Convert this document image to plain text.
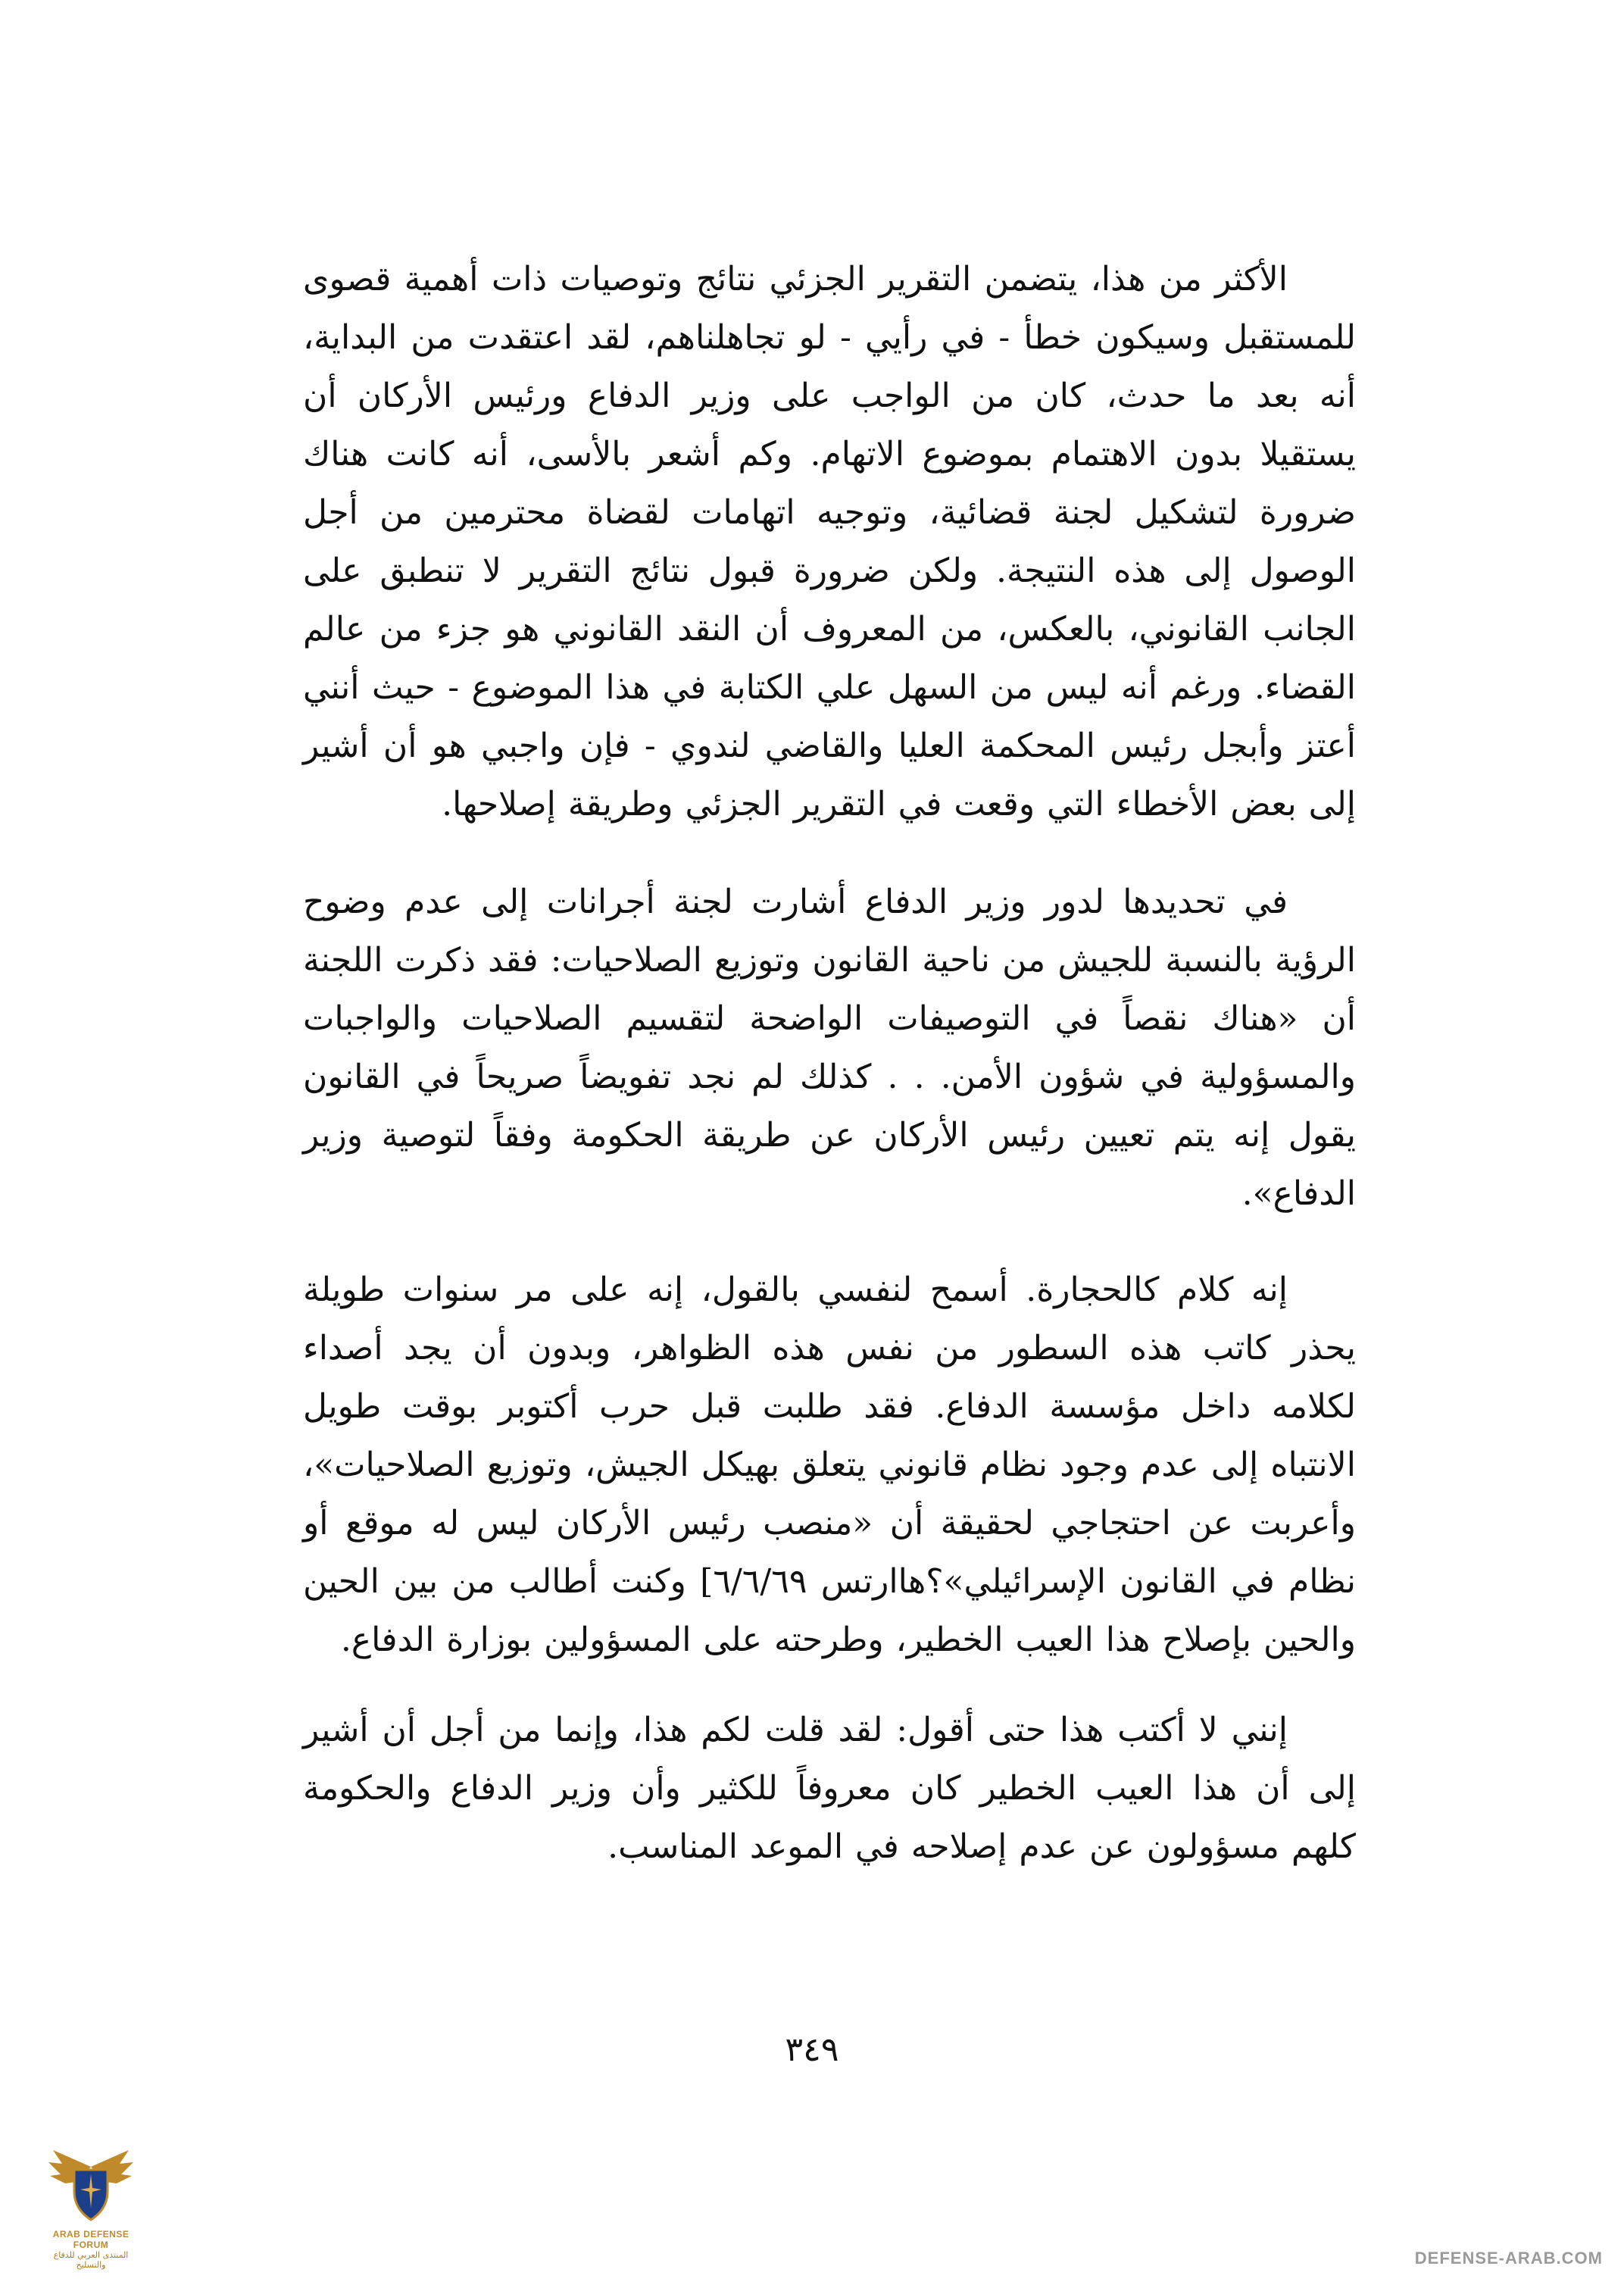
الأكثر من هذا، يتضمن التقرير الجزئي نتائج وتوصيات ذات أهمية قصوى للمستقبل وسيكون خطأ - في رأيي - لو تجاهلناهم، لقد اعتقدت من البداية، أنه بعد ما حدث، كان من الواجب على وزير الدفاع ورئيس الأركان أن يستقيلا بدون الاهتمام بموضوع الاتهام. وكم أشعر بالأسى، أنه كانت هناك ضرورة لتشكيل لجنة قضائية، وتوجيه اتهامات لقضاة محترمين من أجل الوصول إلى هذه النتيجة. ولكن ضرورة قبول نتائج التقرير لا تنطبق على الجانب القانوني، بالعكس، من المعروف أن النقد القانوني هو جزء من عالم القضاء. ورغم أنه ليس من السهل علي الكتابة في هذا الموضوع - حيث أنني أعتز وأبجل رئيس المحكمة العليا والقاضي لندوي - فإن واجبي هو أن أشير إلى بعض الأخطاء التي وقعت في التقرير الجزئي وطريقة إصلاحها.

في تحديدها لدور وزير الدفاع أشارت لجنة أجرانات إلى عدم وضوح الرؤية بالنسبة للجيش من ناحية القانون وتوزيع الصلاحيات: فقد ذكرت اللجنة أن «هناك نقصاً في التوصيفات الواضحة لتقسيم الصلاحيات والواجبات والمسؤولية في شؤون الأمن. . . كذلك لم نجد تفويضاً صريحاً في القانون يقول إنه يتم تعيين رئيس الأركان عن طريقة الحكومة وفقاً لتوصية وزير الدفاع».

إنه كلام كالحجارة. أسمح لنفسي بالقول، إنه على مر سنوات طويلة يحذر كاتب هذه السطور من نفس هذه الظواهر، وبدون أن يجد أصداء لكلامه داخل مؤسسة الدفاع. فقد طلبت قبل حرب أكتوبر بوقت طويل الانتباه إلى عدم وجود نظام قانوني يتعلق بهيكل الجيش، وتوزيع الصلاحيات»، وأعربت عن احتجاجي لحقيقة أن «منصب رئيس الأركان ليس له موقع أو نظام في القانون الإسرائيلي»؟هاارتس ٦/٦/٦٩] وكنت أطالب من بين الحين والحين بإصلاح هذا العيب الخطير، وطرحته على المسؤولين بوزارة الدفاع.

إنني لا أكتب هذا حتى أقول: لقد قلت لكم هذا، وإنما من أجل أن أشير إلى أن هذا العيب الخطير كان معروفاً للكثير وأن وزير الدفاع والحكومة كلهم مسؤولون عن عدم إصلاحه في الموعد المناسب.

٣٤٩
ARAB DEFENSE FORUM
المنتدى العربي للدفاع والتسليح	DEFENSE-ARAB.COM
